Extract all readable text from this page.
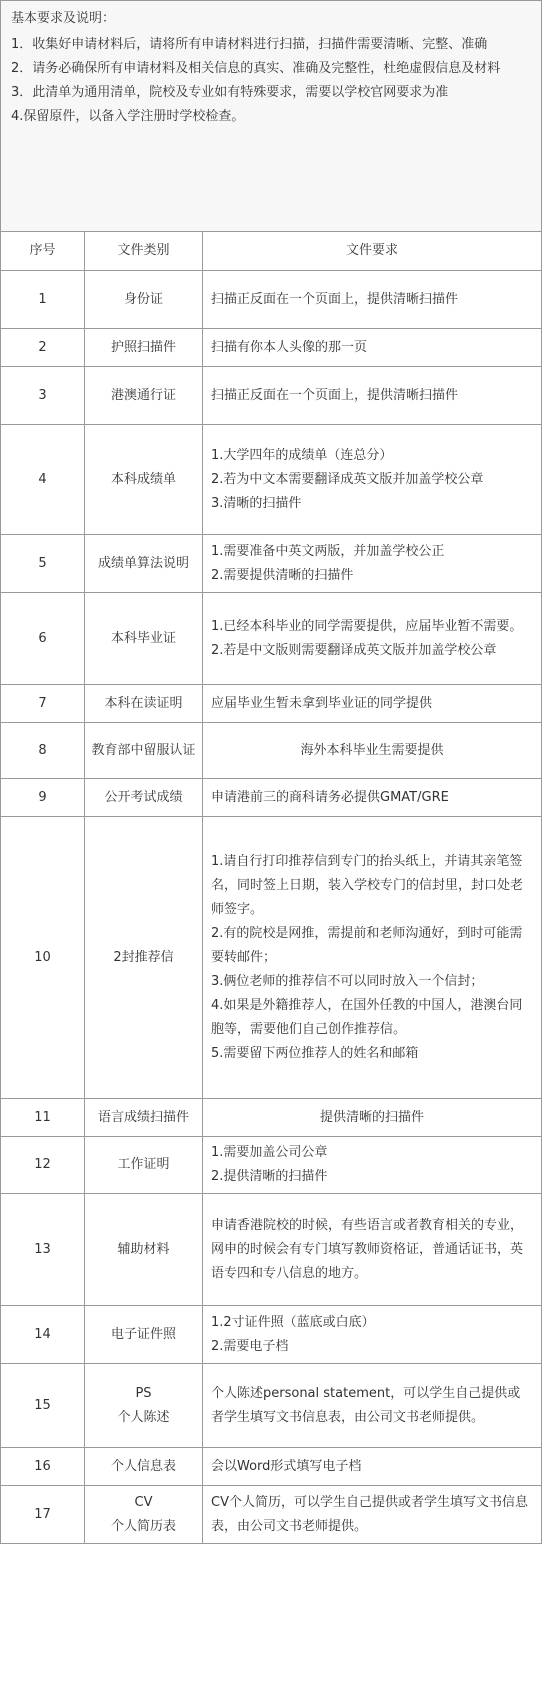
基本要求及说明：

1．收集好申请材料后，请将所有申请材料进行扫描，扫描件需要清晰、完整、准确

2．请务必确保所有申请材料及相关信息的真实、准确及完整性，杜绝虚假信息及材料

3．此清单为通用清单，院校及专业如有特殊要求，需要以学校官网要求为准

4.保留原件，以备入学注册时学校检查。		

序号	文件类别	文件要求
1	身份证	扫描正反面在一个页面上，提供清晰扫描件

2	护照扫描件	扫描有你本人头像的那一页

3	港澳通行证	扫描正反面在一个页面上，提供清晰扫描件

4	本科成绩单	1.大学四年的成绩单（连总分）

2.若为中文本需要翻译成英文版并加盖学校公章

3.清晰的扫描件

5	成绩单算法说明	1.需要准备中英文两版，并加盖学校公正

2.需要提供清晰的扫描件

6	本科毕业证	1.已经本科毕业的同学需要提供，应届毕业暂不需要。

2.若是中文版则需要翻译成英文版并加盖学校公章

7	本科在读证明	应届毕业生暂未拿到毕业证的同学提供

8	教育部中留服认证	海外本科毕业生需要提供

9	公开考试成绩	申请港前三的商科请务必提供GMAT/GRE

10	2封推荐信	1.请自行打印推荐信到专门的抬头纸上，并请其亲笔签名，同时签上日期，装入学校专门的信封里，封口处老师签字。

2.有的院校是网推，需提前和老师沟通好，到时可能需要转邮件；

3.俩位老师的推荐信不可以同时放入一个信封；

4.如果是外籍推荐人，在国外任教的中国人，港澳台同胞等，需要他们自己创作推荐信。

5.需要留下两位推荐人的姓名和邮箱

11	语言成绩扫描件	提供清晰的扫描件

12	工作证明	1.需要加盖公司公章

2.提供清晰的扫描件

13	辅助材料	申请香港院校的时候，有些语言或者教育相关的专业，网申的时候会有专门填写教师资格证，普通话证书，英语专四和专八信息的地方。

14	电子证件照	1.2寸证件照（蓝底或白底）

2.需要电子档

15	PS
个人陈述	个人陈述personal statement，可以学生自己提供或者学生填写文书信息表，由公司文书老师提供。

16	个人信息表	会以Word形式填写电子档

17	CV
个人简历表	CV个人简历，可以学生自己提供或者学生填写文书信息表，由公司文书老师提供。
